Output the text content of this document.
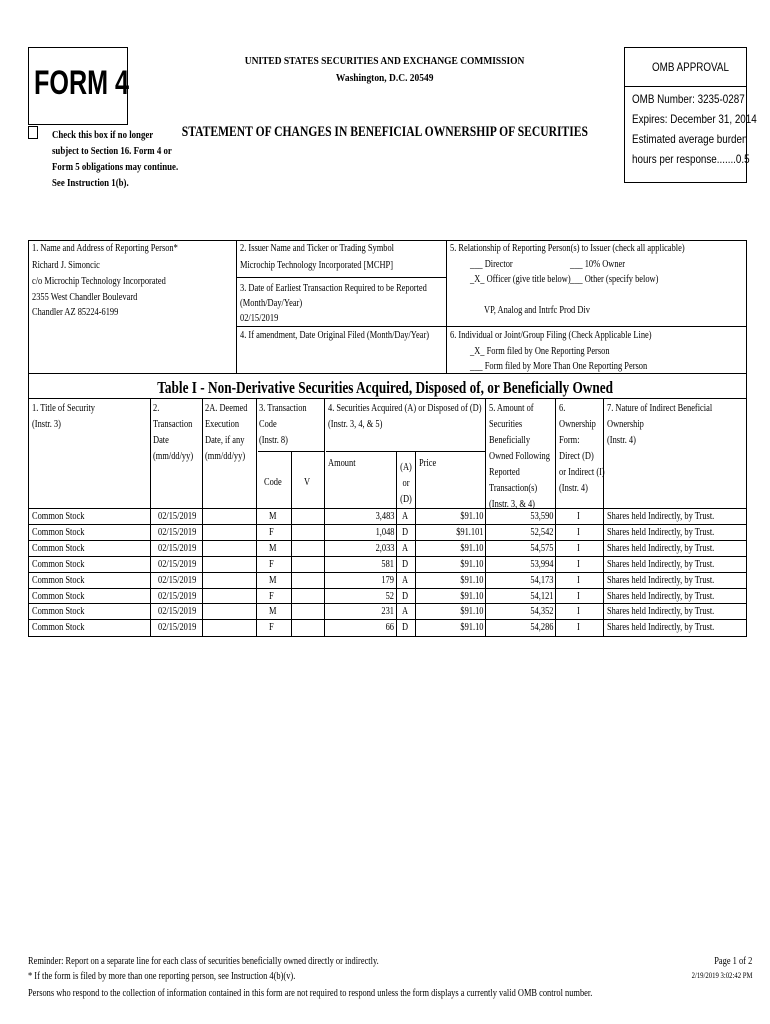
FORM 4
Check this box if no longer
subject to Section 16. Form 4 or
Form 5 obligations may continue.
See Instruction 1(b).
UNITED STATES SECURITIES AND EXCHANGE COMMISSION
Washington, D.C. 20549
STATEMENT OF CHANGES IN BENEFICIAL OWNERSHIP OF SECURITIES
OMB APPROVAL
OMB Number: 3235-0287
Expires: December 31, 2014
Estimated average burden
hours per response.......0.5
1. Name and Address of Reporting Person*
Richard J. Simoncic
c/o Microchip Technology Incorporated
2355 West Chandler Boulevard
Chandler AZ 85224-6199
2. Issuer Name and Ticker or Trading Symbol
Microchip Technology Incorporated [MCHP]
3. Date of Earliest Transaction Required to be Reported
(Month/Day/Year)
02/15/2019
4. If amendment, Date Original Filed (Month/Day/Year)
5. Relationship of Reporting Person(s) to Issuer (check all applicable)
___ Director	___ 10% Owner
_X_ Officer (give title below) ___ Other (specify below)
VP, Analog and Intrfc Prod Div
6. Individual or Joint/Group Filing (Check Applicable Line)
_X_ Form filed by One Reporting Person
___ Form filed by More Than One Reporting Person
Table I - Non-Derivative Securities Acquired, Disposed of, or Beneficially Owned
1. Title of Security
(Instr. 3)
2.
Transaction
Date
(mm/dd/yy)
2A. Deemed
Execution
Date, if any
(mm/dd/yy)
3. Transaction
Code
(Instr. 8)
Code V
4. Securities Acquired (A) or Disposed of (D)
(Instr. 3, 4, & 5)
Amount	(A)
or
(D)
Price
5. Amount of
Securities
Beneficially
Owned Following
Reported
Transaction(s)
(Instr. 3, & 4)
6.
Ownership
Form:
Direct (D)
or Indirect (I)
(Instr. 4)
7. Nature of Indirect Beneficial
Ownership
(Instr. 4)
Common Stock	02/15/2019	M	3,483 A	$91.10	53,590 I	Shares held Indirectly, by Trust.
Common Stock	02/15/2019	F	1,048 D	$91.101	52,542 I	Shares held Indirectly, by Trust.
Common Stock	02/15/2019	M	2,033 A	$91.10	54,575 I	Shares held Indirectly, by Trust.
Common Stock	02/15/2019	F	581 D	$91.10	53,994 I	Shares held Indirectly, by Trust.
Common Stock	02/15/2019	M	179 A	$91.10	54,173 I	Shares held Indirectly, by Trust.
Common Stock	02/15/2019	F	52 D	$91.10	54,121 I	Shares held Indirectly, by Trust.
Common Stock	02/15/2019	M	231 A	$91.10	54,352 I	Shares held Indirectly, by Trust.
Common Stock	02/15/2019	F	66 D	$91.10	54,286 I	Shares held Indirectly, by Trust.
Reminder: Report on a separate line for each class of securities beneficially owned directly or indirectly.
* If the form is filed by more than one reporting person, see Instruction 4(b)(v).
Persons who respond to the collection of information contained in this form are not required to respond unless the form displays a currently valid OMB control number.
Page 1 of 2
2/19/2019 3:02:42 PM
